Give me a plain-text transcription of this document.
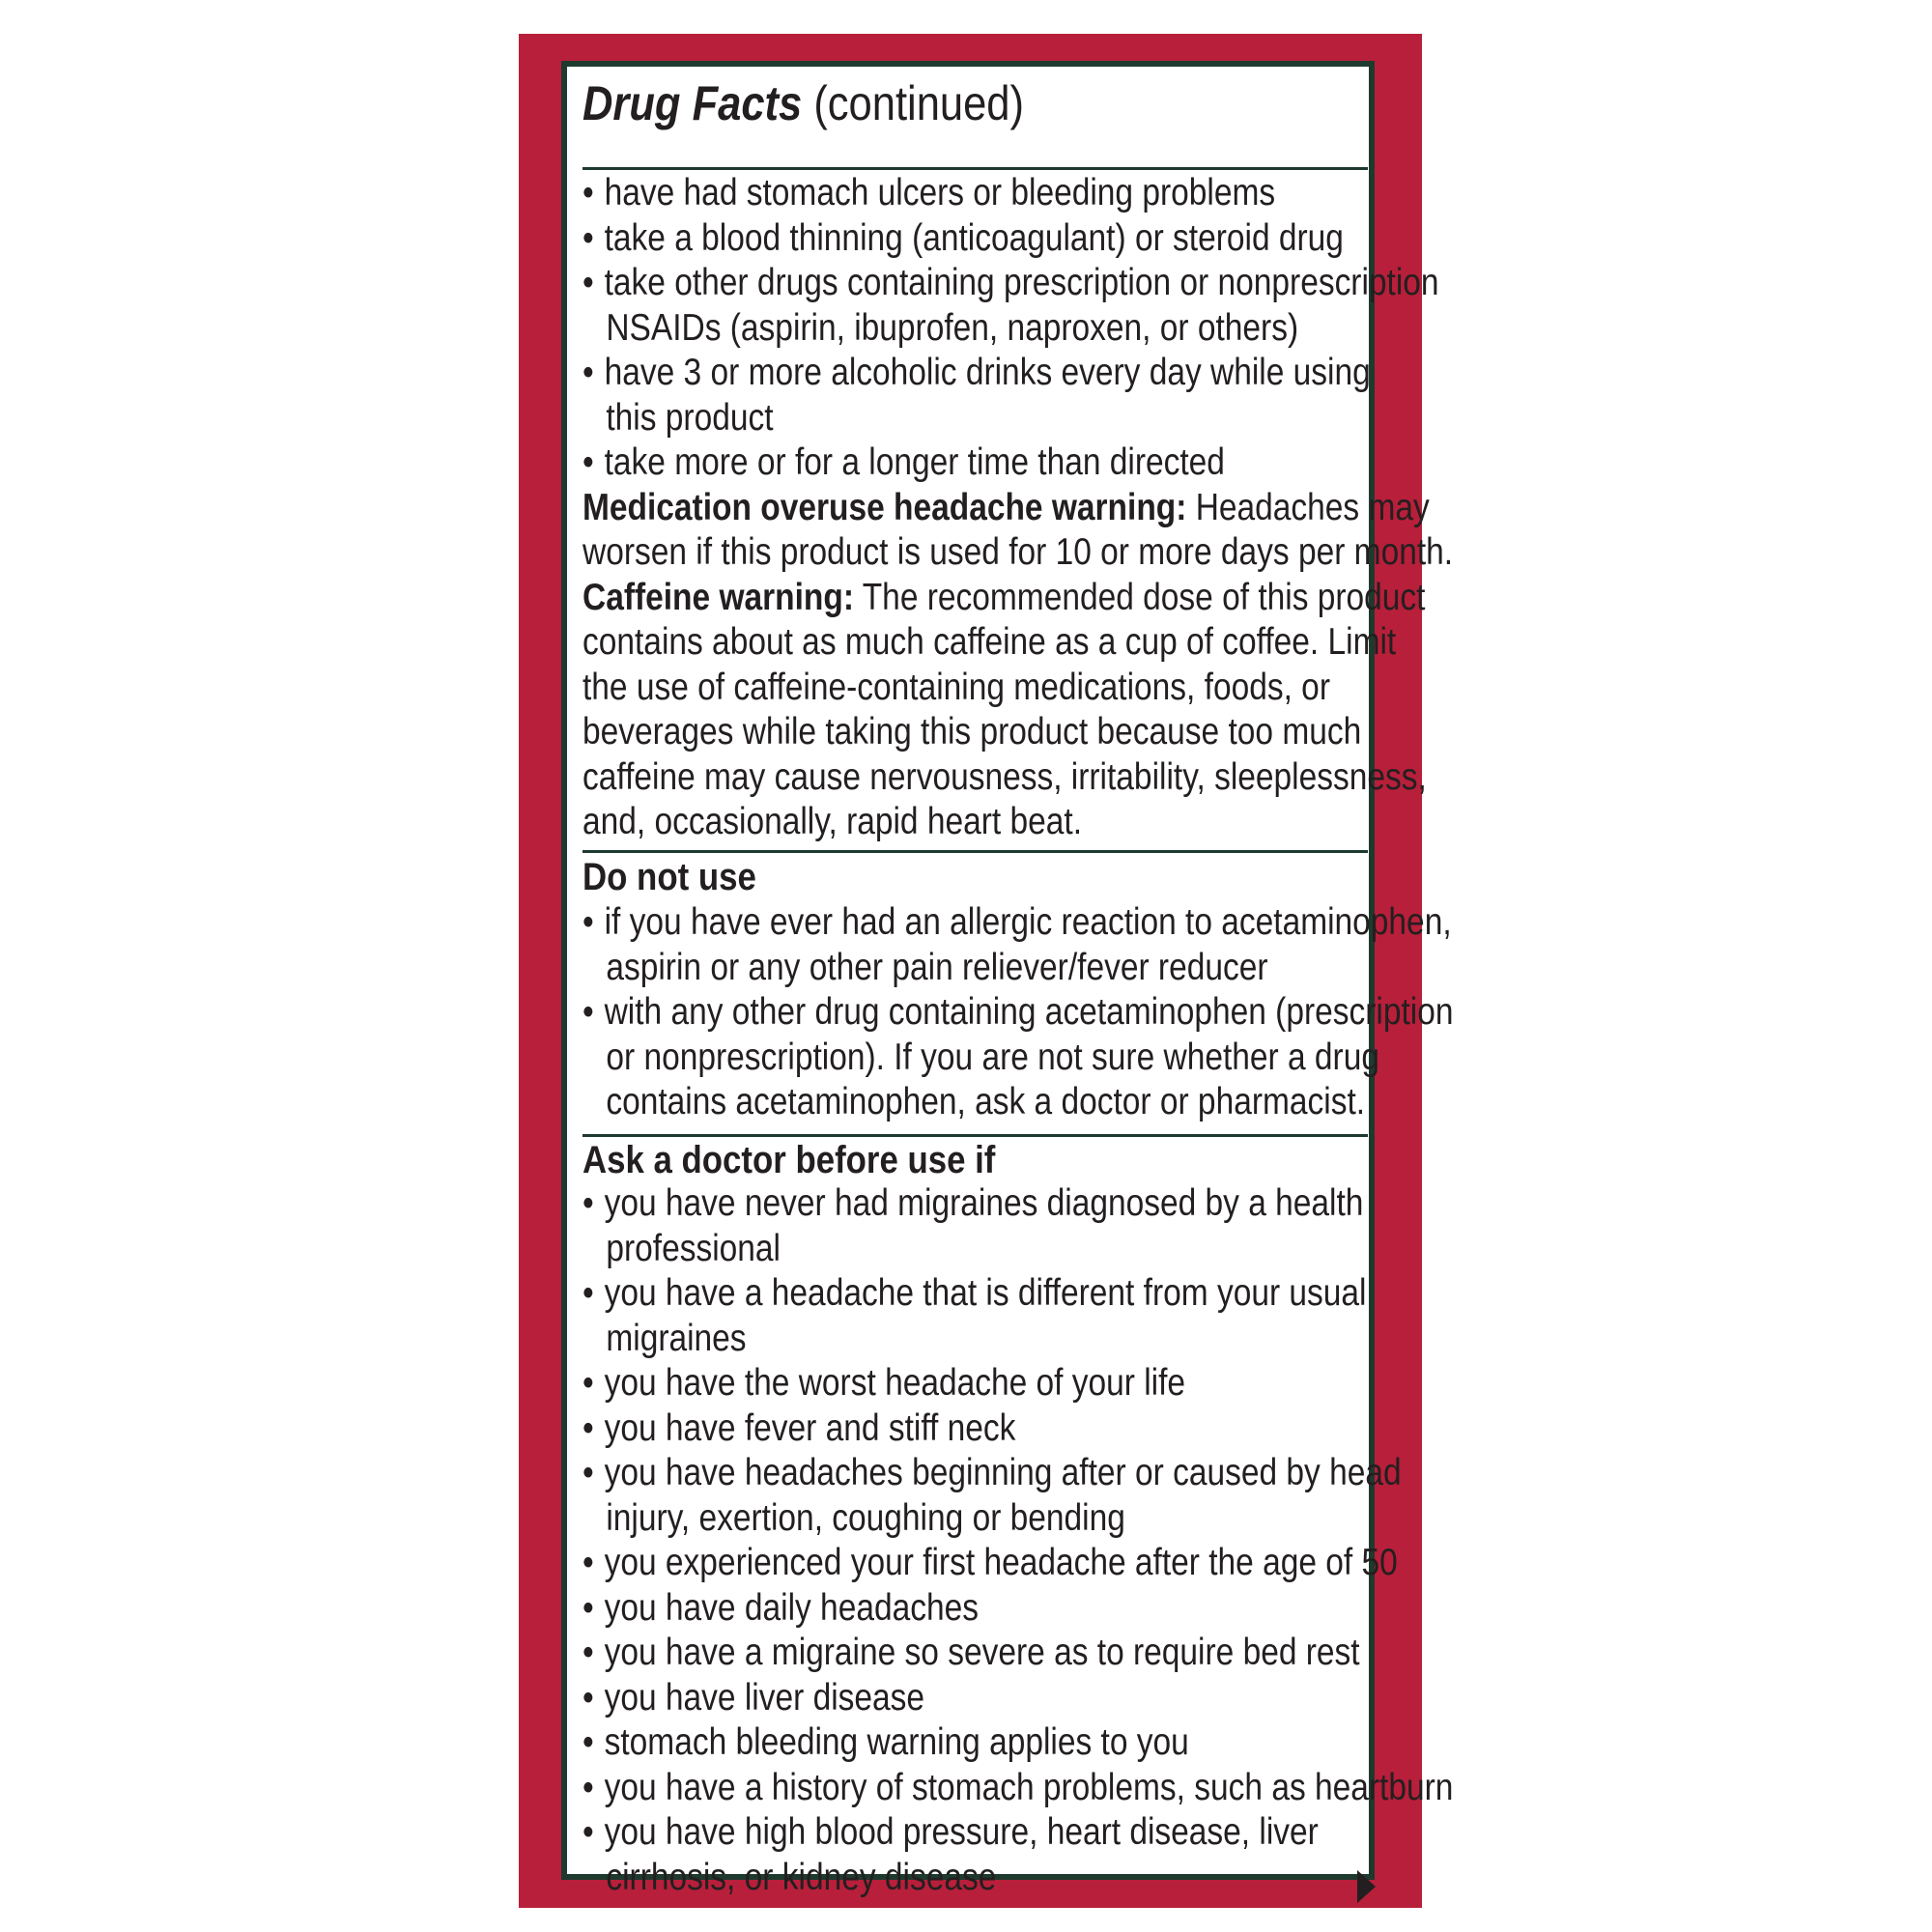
Drug Facts (continued)
• have had stomach ulcers or bleeding problems
• take a blood thinning (anticoagulant) or steroid drug
• take other drugs containing prescription or nonprescription
NSAIDs (aspirin, ibuprofen, naproxen, or others)
• have 3 or more alcoholic drinks every day while using
this product
• take more or for a longer time than directed
Medication overuse headache warning: Headaches may
worsen if this product is used for 10 or more days per month.
Caffeine warning: The recommended dose of this product
contains about as much caffeine as a cup of coffee. Limit
the use of caffeine-containing medications, foods, or
beverages while taking this product because too much
caffeine may cause nervousness, irritability, sleeplessness,
and, occasionally, rapid heart beat.
Do not use
• if you have ever had an allergic reaction to acetaminophen,
aspirin or any other pain reliever/fever reducer
• with any other drug containing acetaminophen (prescription
or nonprescription). If you are not sure whether a drug
contains acetaminophen, ask a doctor or pharmacist.
Ask a doctor before use if
• you have never had migraines diagnosed by a health
professional
• you have a headache that is different from your usual
migraines
• you have the worst headache of your life
• you have fever and stiff neck
• you have headaches beginning after or caused by head
injury, exertion, coughing or bending
• you experienced your first headache after the age of 50
• you have daily headaches
• you have a migraine so severe as to require bed rest
• you have liver disease
• stomach bleeding warning applies to you
• you have a history of stomach problems, such as heartburn
• you have high blood pressure, heart disease, liver
cirrhosis, or kidney disease
